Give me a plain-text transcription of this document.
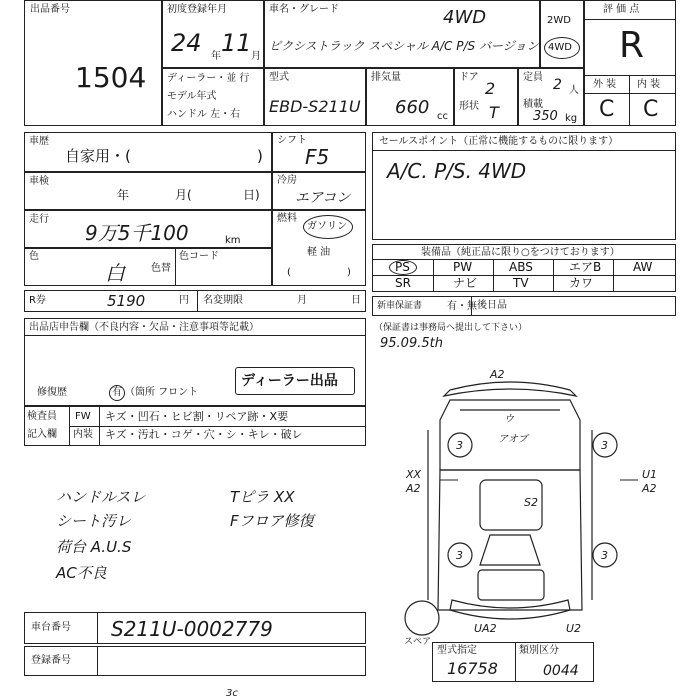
出品番号
1504
初度登録年月
24 年 11 月
車名・グレード	4WD
ピクシストラック スペシャル A/C P/S バージョン
2WD
4WD
評 価 点
R
外 装 内 装
C C
ディーラー・並 行
モデル年式
ハンドル 左・右
型式
EBD-S211U
排気量
660 cc
ドア
2
形状 T
定員 2 人
積載
350 kg
車歴
自家用・(	)
シフト
F5
車検
年	月(	日)
冷房
エアコン
走行
9万5千100	km
燃料
ガソリン
軽 油
(	)
色
白	色替
色コード
R券	5190	円 名変期限	月	日
セールスポイント（正常に機能するものに限ります）
A/C. P/S. 4WD
装備品（純正品に限り○をつけております）
PS	PW	ABS	エアB	AW
SR	ナビ	TV	カワ
新車保証書 有・無 後日品
（保証書は事務局へ提出して下さい）
95.09.5th
出品店申告欄（不良内容・欠品・注意事項等記載）
修復歴	有 （箇所 フロント
ディーラー出品
検査員
記入欄
FW キズ・凹石・ヒビ割・リペア跡・X要
内装 キズ・汚れ・コゲ・穴・シ・キレ・破レ
ハンドルスレ
シート汚レ
荷台 A.U.S
AC不良
Tピラ XX
Fフロア修復
A2
3	3
3	3
ウ
アオブ
XX
A2
U1
A2
S2
UA2	U2
スペア
車台番号 S211U-0002779
登録番号
型式指定
16758
類別区分
0044
3c
